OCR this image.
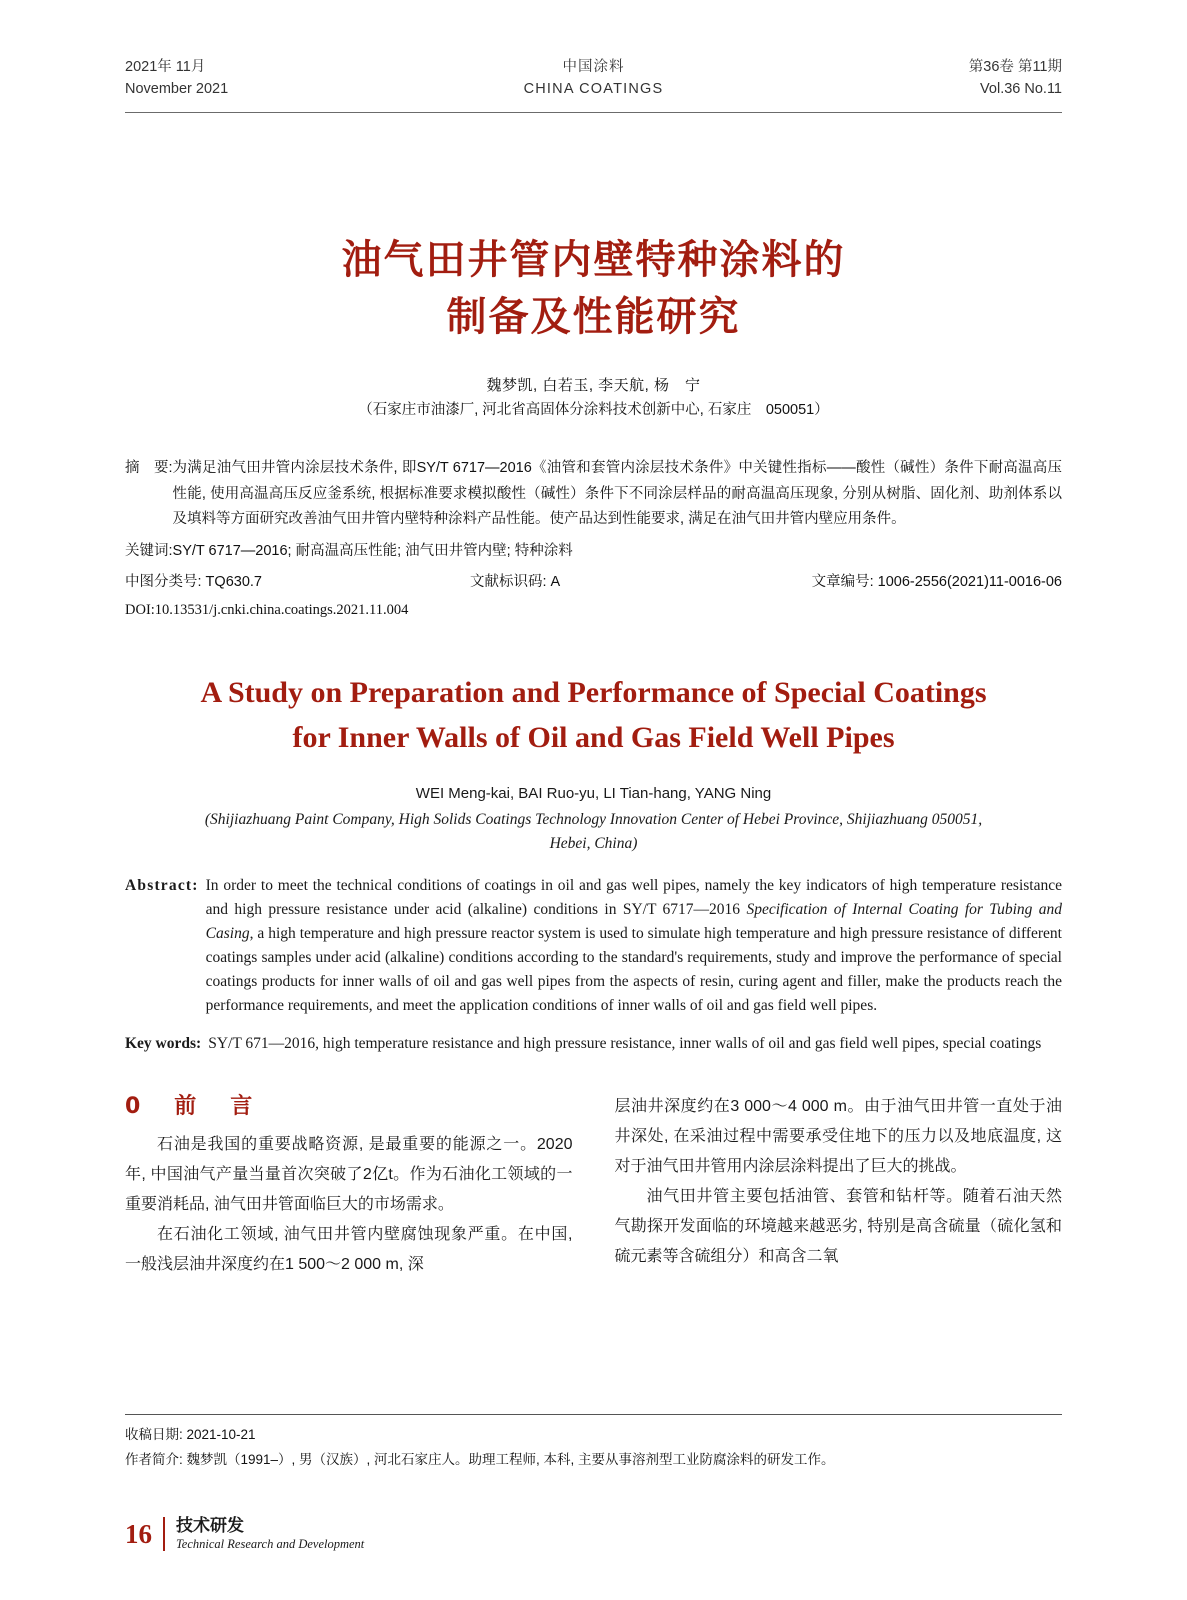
2021年 11月
November 2021
中国涂料
CHINA COATINGS
第36卷 第11期
Vol.36 No.11
油气田井管内壁特种涂料的
制备及性能研究
魏梦凯, 白若玉, 李天航, 杨　宁
（石家庄市油漆厂, 河北省高固体分涂料技术创新中心, 石家庄　050051）
摘　要: 为满足油气田井管内涂层技术条件, 即SY/T 6717—2016《油管和套管内涂层技术条件》中关键性指标——酸性（碱性）条件下耐高温高压性能, 使用高温高压反应釜系统, 根据标准要求模拟酸性（碱性）条件下不同涂层样品的耐高温高压现象, 分别从树脂、固化剂、助剂体系以及填料等方面研究改善油气田井管内壁特种涂料产品性能。使产品达到性能要求, 满足在油气田井管内壁应用条件。
关键词: SY/T 6717—2016; 耐高温高压性能; 油气田井管内壁; 特种涂料
中图分类号: TQ630.7	文献标识码: A	文章编号: 1006-2556(2021)11-0016-06
DOI:10.13531/j.cnki.china.coatings.2021.11.004
A Study on Preparation and Performance of Special Coatings
for Inner Walls of Oil and Gas Field Well Pipes
WEI Meng-kai, BAI Ruo-yu, LI Tian-hang, YANG Ning
(Shijiazhuang Paint Company, High Solids Coatings Technology Innovation Center of Hebei Province, Shijiazhuang 050051,
Hebei, China)
Abstract: In order to meet the technical conditions of coatings in oil and gas well pipes, namely the key indicators of high temperature resistance and high pressure resistance under acid (alkaline) conditions in SY/T 6717—2016 Specification of Internal Coating for Tubing and Casing, a high temperature and high pressure reactor system is used to simulate high temperature and high pressure resistance of different coatings samples under acid (alkaline) conditions according to the standard's requirements, study and improve the performance of special coatings products for inner walls of oil and gas well pipes from the aspects of resin, curing agent and filler, make the products reach the performance requirements, and meet the application conditions of inner walls of oil and gas field well pipes.
Key words: SY/T 671—2016, high temperature resistance and high pressure resistance, inner walls of oil and gas field well pipes, special coatings
0　前　言

石油是我国的重要战略资源, 是最重要的能源之一。2020年, 中国油气产量当量首次突破了2亿t。作为石油化工领域的一重要消耗品, 油气田井管面临巨大的市场需求。

在石油化工领域, 油气田井管内壁腐蚀现象严重。在中国, 一般浅层油井深度约在1 500～2 000 m, 深

层油井深度约在3 000～4 000 m。由于油气田井管一直处于油井深处, 在采油过程中需要承受住地下的压力以及地底温度, 这对于油气田井管用内涂层涂料提出了巨大的挑战。

油气田井管主要包括油管、套管和钻杆等。随着石油天然气勘探开发面临的环境越来越恶劣, 特别是高含硫量（硫化氢和硫元素等含硫组分）和高含二氧

收稿日期: 2021-10-21
作者简介: 魏梦凯（1991–）, 男（汉族）, 河北石家庄人。助理工程师, 本科, 主要从事溶剂型工业防腐涂料的研发工作。
16	技术研发
Technical Research and Development
